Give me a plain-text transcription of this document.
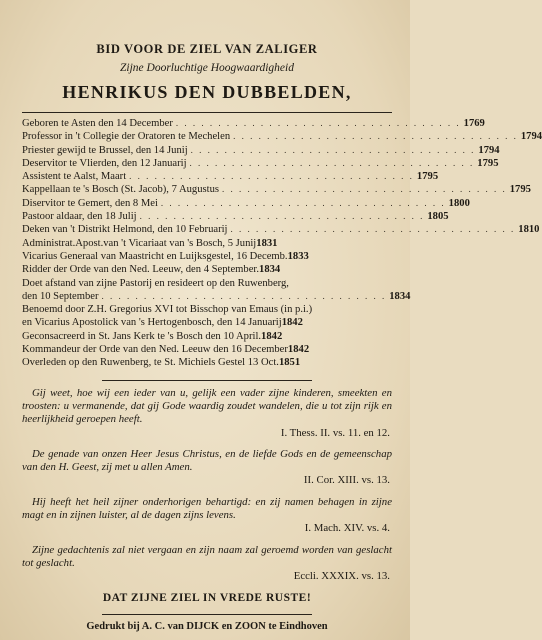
BID VOOR DE ZIEL VAN ZALIGER
Zijne Doorluchtige Hoogwaardigheid
HENRIKUS DEN DUBBELDEN,
Geboren te Asten den 14 December . . .	1769
Professor in 't Collegie der Oratoren te Mechelen . . .	1794
Priester gewijd te Brussel, den 14 Junij . . .	1794
Deservitor te Vlierden, den 12 Januarij . . .	1795
Assistent te Aalst, Maart . . .	1795
Kappellaan te 's Bosch (St. Jacob), 7 Augustus . . .	1795
Diservitor te Gemert, den 8 Mei . . .	1800
Pastoor aldaar, den 18 Julij . . .	1805
Deken van 't Distrikt Helmond, den 10 Februarij . . .	1810
Administrat.Apost.van 't Vicariaat van 's Bosch, 5 Junij 1831
Vicarius Generaal van Maastricht en Luijksgestel, 16 Decemb. 1833
Ridder der Orde van den Ned. Leeuw, den 4 September. 1834
Doet afstand van zijne Pastorij en resideert op den Ruwenberg,
den 10 September . . .	1834
Benoemd door Z.H. Gregorius XVI tot Bisschop van Emaus (in p.i.)
en Vicarius Apostolick van 's Hertogenbosch, den 14 Januarij 1842
Geconsacreerd in St. Jans Kerk te 's Bosch den 10 April. 1842
Kommandeur der Orde van den Ned. Leeuw den 16 December 1842
Overleden op den Ruwenberg, te St. Michiels Gestel 13 Oct. 1851
Gij weet, hoe wij een ieder van u, gelijk een vader zijne kinderen, smeekten en troosten: u vermanende, dat gij Gode waardig zoudet wandelen, die u tot zijn rijk en heerlijkheid geroepen heeft.
I. Thess. II. vs. 11. en 12.
De genade van onzen Heer Jesus Christus, en de liefde Gods en de gemeenschap van den H. Geest, zij met u allen Amen.
II. Cor. XIII. vs. 13.
Hij heeft het heil zijner onderhorigen behartigd: en zij namen behagen in zijne magt en in zijnen luister, al de dagen zijns levens.
I. Mach. XIV. vs. 4.
Zijne gedachtenis zal niet vergaan en zijn naam zal geroemd worden van geslacht tot geslacht.
Eccli. XXXIX. vs. 13.
DAT ZIJNE ZIEL IN VREDE RUSTE!
Gedrukt bij A. C. van DIJCK en ZOON te Eindhoven
